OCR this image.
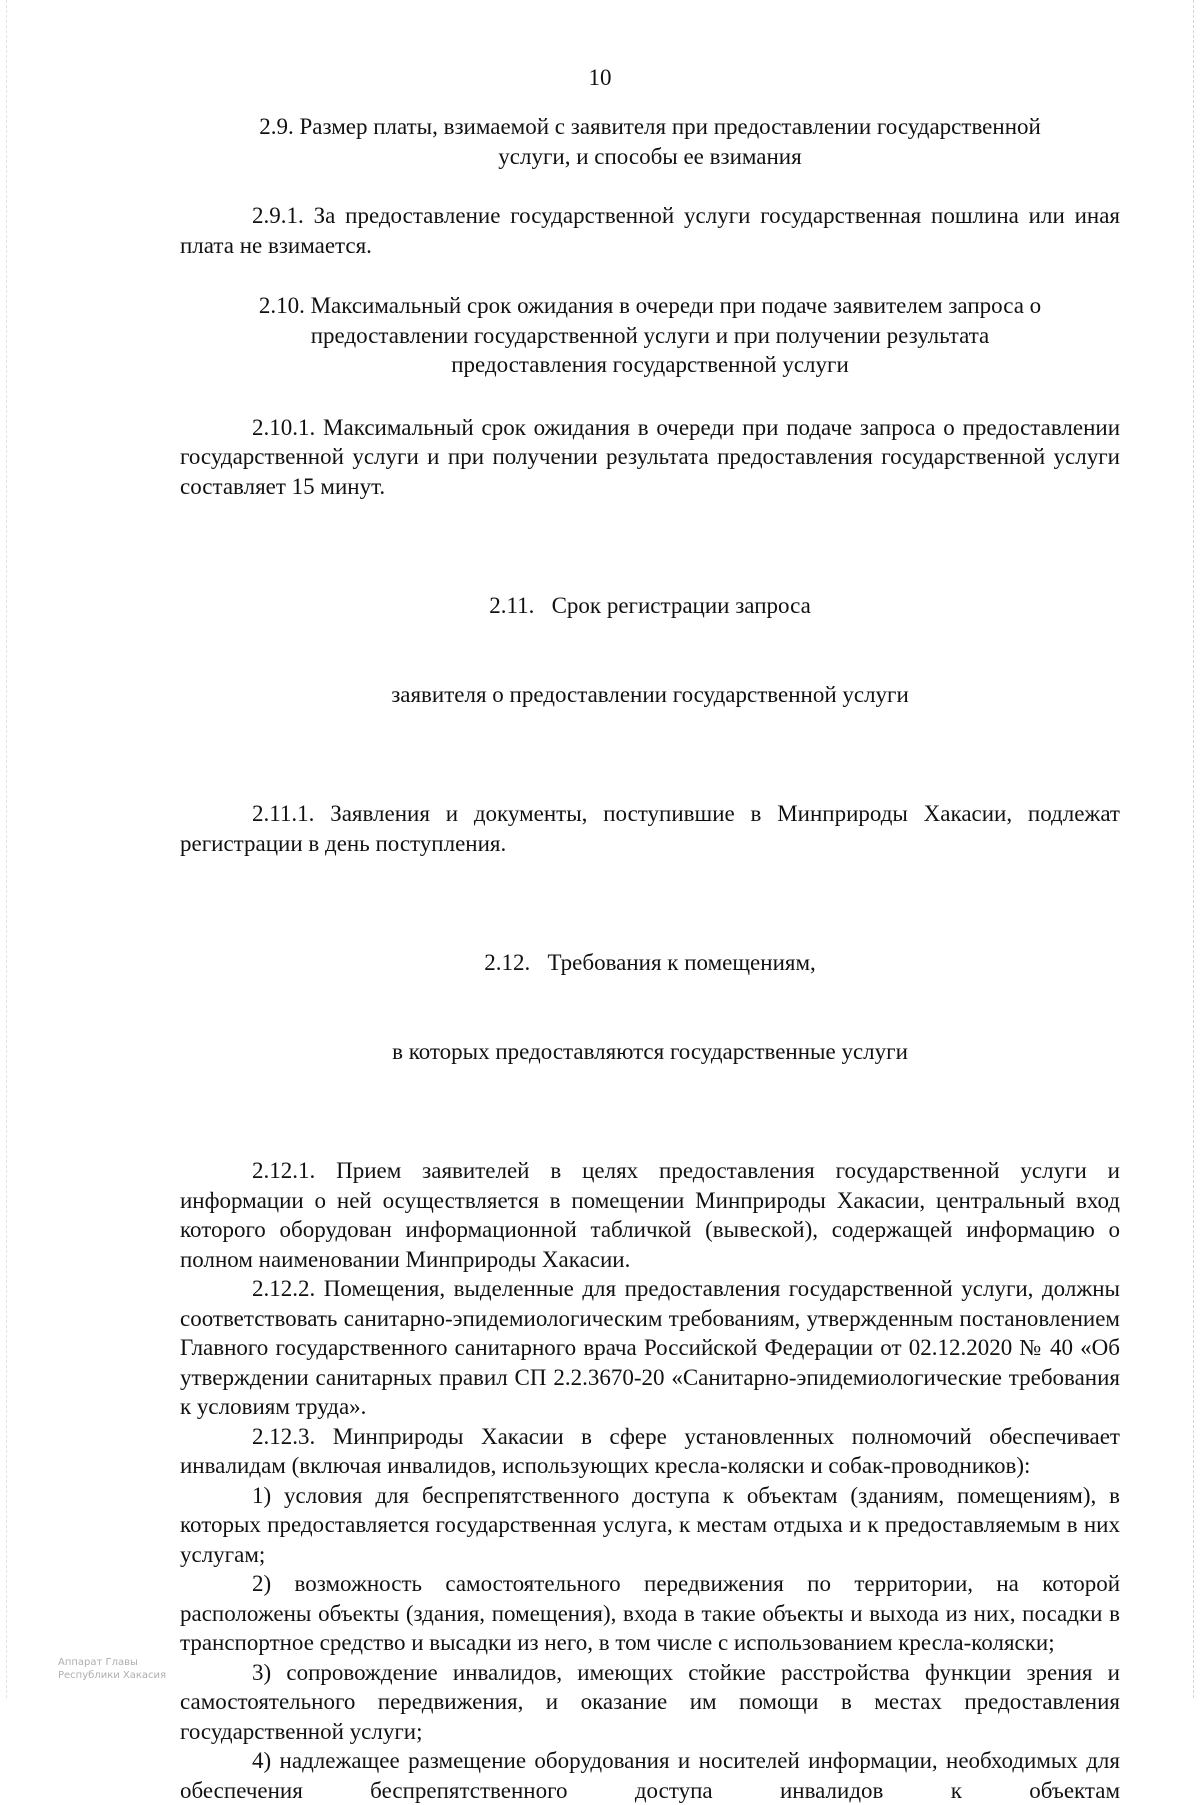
10
2.9. Размер платы, взимаемой с заявителя при предоставлении государственной
услуги, и способы ее взимания

2.9.1. За предоставление государственной услуги государственная пошлина или иная плата не взимается.

2.10. Максимальный срок ожидания в очереди при подаче заявителем запроса о
предоставлении государственной услуги и при получении результата
предоставления государственной услуги

2.10.1. Максимальный срок ожидания в очереди при подаче запроса о предоставлении государственной услуги и при получении результата предоставления государственной услуги составляет 15 минут.

2.11.   Срок регистрации запроса

заявителя о предоставлении государственной услуги

2.11.1. Заявления и документы, поступившие в Минприроды Хакасии, подлежат регистрации в день поступления.

2.12.   Требования к помещениям,

в которых предоставляются государственные услуги

2.12.1. Прием заявителей в целях предоставления государственной услуги и информации о ней осуществляется в помещении Минприроды Хакасии, центральный вход которого оборудован информационной табличкой (вывеской), содержащей информацию о полном наименовании Минприроды Хакасии.

2.12.2. Помещения, выделенные для предоставления государственной услуги, должны соответствовать санитарно-эпидемиологическим требованиям, утвержденным постановлением Главного государственного санитарного врача Российской Федерации от 02.12.2020 № 40 «Об утверждении санитарных правил СП 2.2.3670-20 «Санитарно-эпидемиологические требования к условиям труда».

2.12.3. Минприроды Хакасии в сфере установленных полномочий обеспечивает инвалидам (включая инвалидов, использующих кресла-коляски и собак-проводников):

1) условия для беспрепятственного доступа к объектам (зданиям, помещениям), в которых предоставляется государственная услуга, к местам отдыха и к предоставляемым в них услугам;

2) возможность самостоятельного передвижения по территории, на которой расположены объекты (здания, помещения), входа в такие объекты и выхода из них, посадки в транспортное средство и высадки из него, в том числе с использованием кресла-коляски;

3) сопровождение инвалидов, имеющих стойкие расстройства функции зрения и самостоятельного передвижения, и оказание им помощи в местах предоставления государственной услуги;

4) надлежащее размещение оборудования и носителей информации, необходимых для обеспечения беспрепятственного доступа инвалидов к объектам

Аппарат Главы
Республики Хакасия
